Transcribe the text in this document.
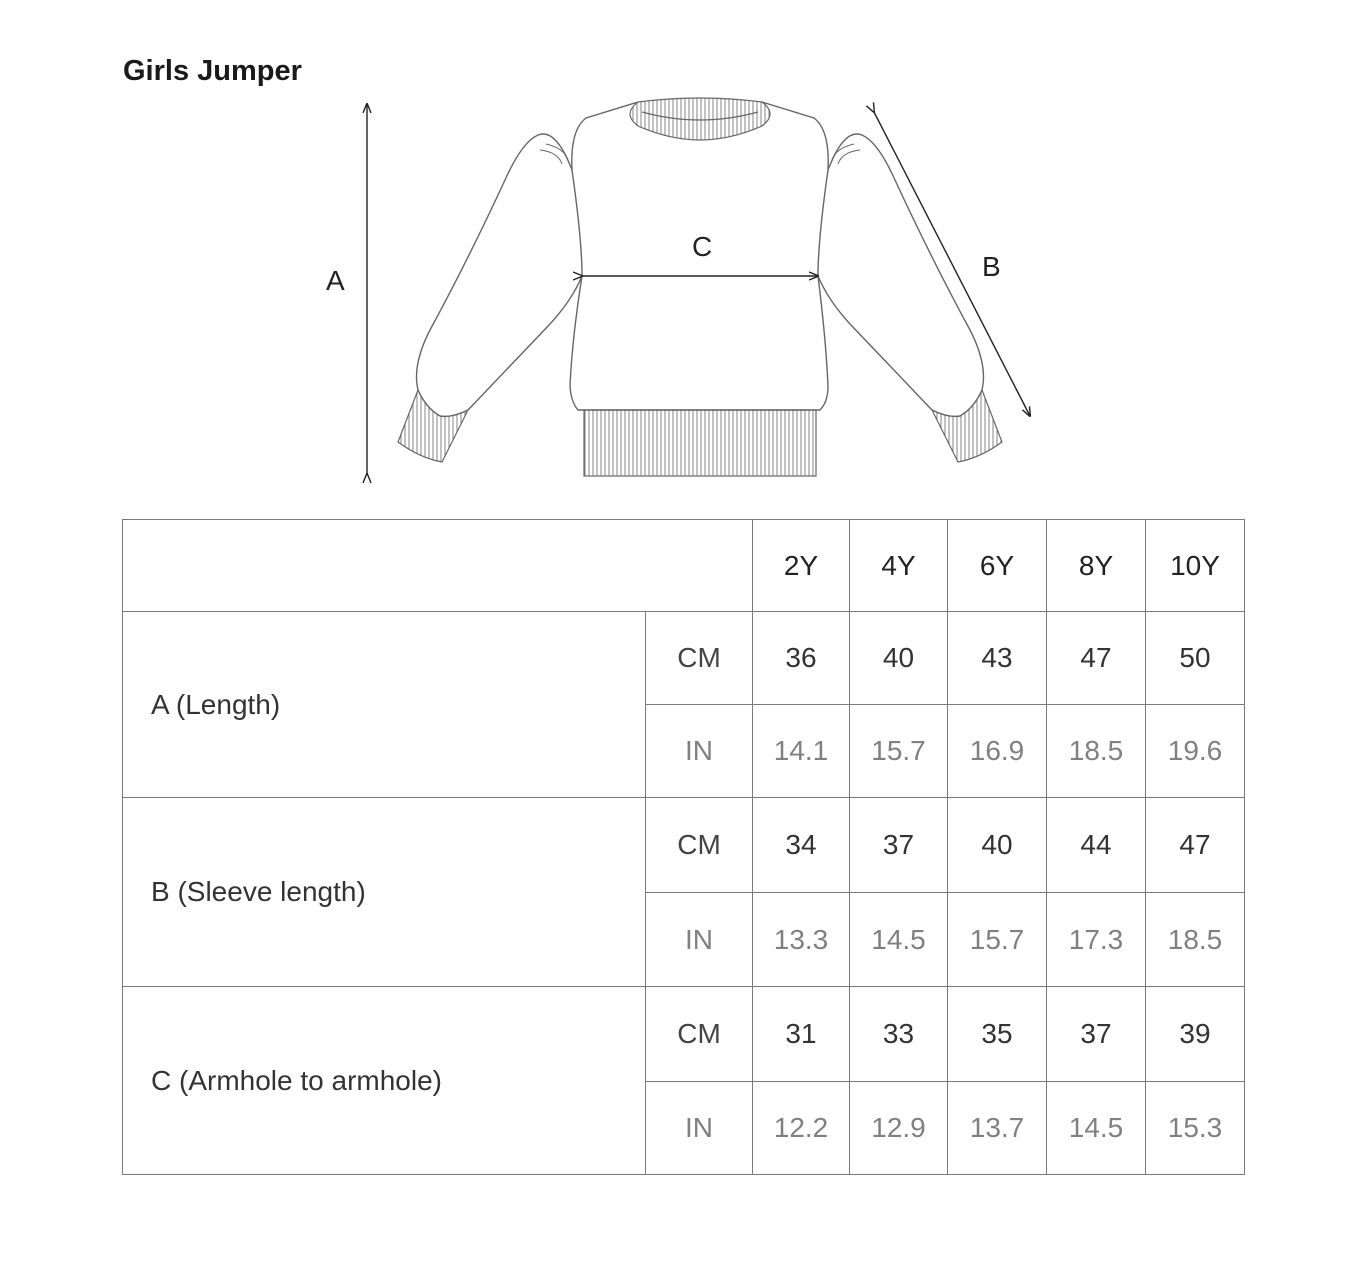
Girls Jumper
A	B
C
		2Y	4Y	6Y	8Y	10Y
A (Length)	CM	36	40	43	47	50
	IN	14.1	15.7	16.9	18.5	19.6
B (Sleeve length)	CM	34	37	40	44	47
	IN	13.3	14.5	15.7	17.3	18.5
C (Armhole to armhole)	CM	31	33	35	37	39
	IN	12.2	12.9	13.7	14.5	15.3
